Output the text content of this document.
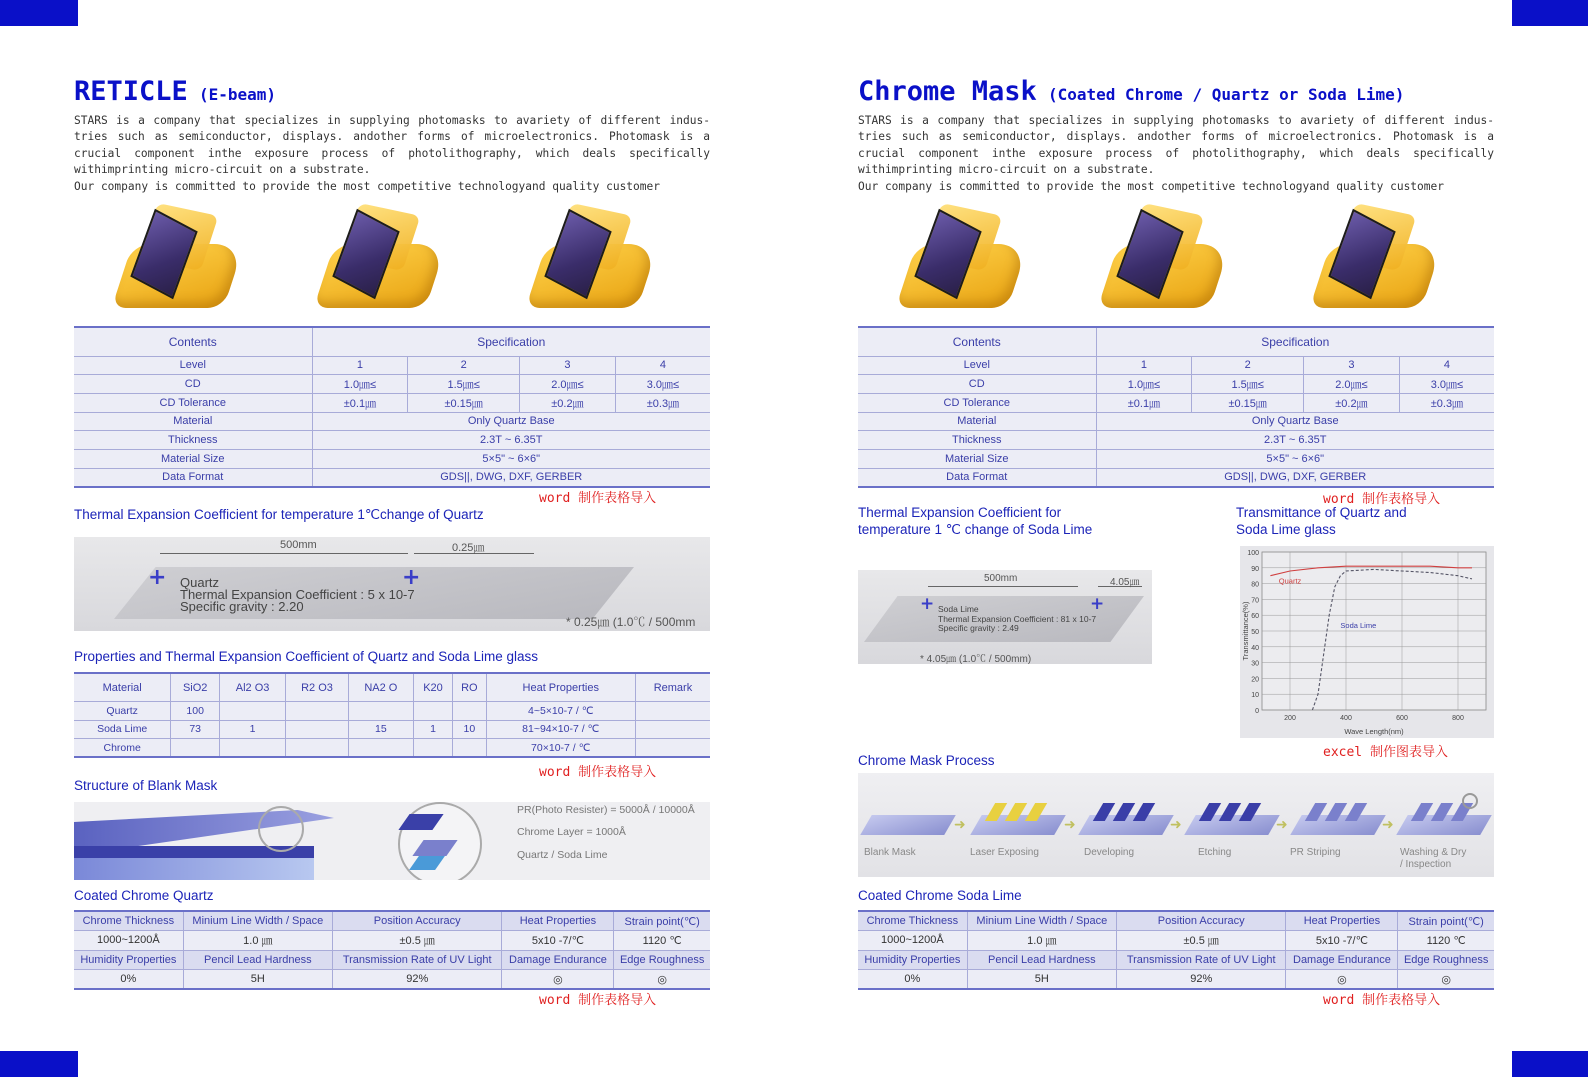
RETICLE (E-beam)

STARS is a company that specializes in supplying photomasks to avariety of different indus- tries such as semiconductor, displays. andother forms of microelectronics. Photomask is a crucial component inthe exposure process of photolithography, which deals specifically withimprinting micro-circuit on a substrate.

Our company is committed to provide the most competitive technologyand quality customer

Contents	Specification			
Level	1	2	3	4
CD	1.0㎛≤	1.5㎛≤	2.0㎛≤	3.0㎛≤
CD Tolerance	±0.1㎛	±0.15㎛	±0.2㎛	±0.3㎛
Material	Only Quartz Base			
Thickness	2.3T ~ 6.35T			
Material Size	5×5" ~ 6×6"			
Data Format	GDS||, DWG, DXF, GERBER			
word 制作表格导入
Thermal Expansion Coefficient for temperature 1℃change of Quartz
500mm	0.25㎛
+	+
Quartz
Thermal Expansion Coefficient : 5 x 10-7
Specific gravity : 2.20
* 0.25㎛ (1.0℃ / 500mm
Properties and Thermal Expansion Coefficient of Quartz and Soda Lime glass
Material	SiO2	Al2 O3	R2 O3	NA2 O	K20	RO	Heat Properties	Remark
Quartz	100						4~5×10-7 / ℃	
Soda Lime	73	1		15	1	10	81~94×10-7 / ℃	
Chrome							70×10-7 / ℃	
word 制作表格导入
Structure of Blank Mask
PR(Photo Resister) = 5000Å / 10000Å
Chrome Layer = 1000Å
Quartz / Soda Lime
Coated Chrome Quartz
Chrome Thickness	Minium Line Width / Space	Position Accuracy	Heat Properties	Strain point(℃)
1000~1200Å	1.0 ㎛	±0.5 ㎛	5x10 -7/℃	1120 ℃
Humidity Properties	Pencil Lead Hardness	Transmission Rate of UV Light	Damage Endurance	Edge Roughness
0%	5H	92%	◎	◎
word 制作表格导入
Chrome Mask (Coated Chrome / Quartz or Soda Lime)

STARS is a company that specializes in supplying photomasks to avariety of different indus- tries such as semiconductor, displays. andother forms of microelectronics. Photomask is a crucial component inthe exposure process of photolithography, which deals specifically withimprinting micro-circuit on a substrate.

Our company is committed to provide the most competitive technologyand quality customer

Contents	Specification			
Level	1	2	3	4
CD	1.0㎛≤	1.5㎛≤	2.0㎛≤	3.0㎛≤
CD Tolerance	±0.1㎛	±0.15㎛	±0.2㎛	±0.3㎛
Material	Only Quartz Base			
Thickness	2.3T ~ 6.35T			
Material Size	5×5" ~ 6×6"			
Data Format	GDS||, DWG, DXF, GERBER			
word 制作表格导入
Thermal Expansion Coefficient for
temperature 1 ℃ change of Soda Lime
500mm	4.05㎛
+	+
Soda Lime
Thermal Expansion Coefficient : 81 x 10-7
Specific gravity : 2.49
* 4.05㎛ (1.0℃ / 500mm)
Transmittance of Quartz and
Soda Lime glass
0
10
20
30
40
50
60
70
80
90
100
200	400	600	800
Wave Length(nm)
Transmittance(%)
Quartz
Soda Lime
excel 制作图表导入
Chrome Mask Process
➜	➜	➜	➜	➜
Blank Mask	Laser Exposing	Developing	Etching	PR Striping	Washing & Dry
/ Inspection
Coated Chrome Soda Lime
Chrome Thickness	Minium Line Width / Space	Position Accuracy	Heat Properties	Strain point(℃)
1000~1200Å	1.0 ㎛	±0.5 ㎛	5x10 -7/℃	1120 ℃
Humidity Properties	Pencil Lead Hardness	Transmission Rate of UV Light	Damage Endurance	Edge Roughness
0%	5H	92%	◎	◎
word 制作表格导入
